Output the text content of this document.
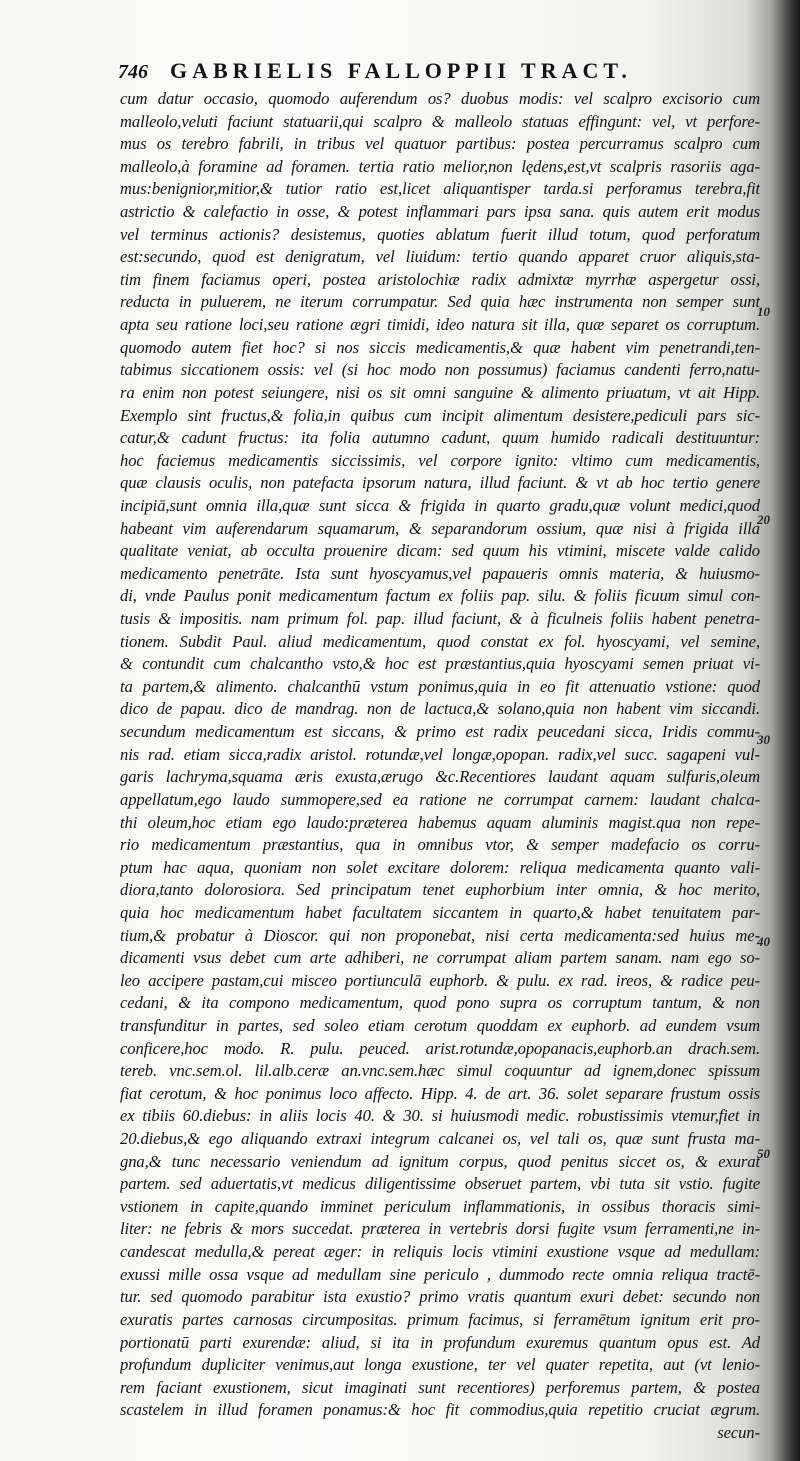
746 GABRIELIS FALLOPPII TRACT.
cum datur occasio, quomodo auferendum os? duobus modis: vel scalpro excisorio cum
malleolo,veluti faciunt statuarii,qui scalpro & malleolo statuas effingunt: vel, vt perfore-
mus os terebro fabrili, in tribus vel quatuor partibus: postea percurramus scalpro cum
malleolo,à foramine ad foramen. tertia ratio melior,non lędens,est,vt scalpris rasoriis aga-
mus:benignior,mitior,& tutior ratio est,licet aliquantisper tarda.si perforamus terebra,fit
astrictio & calefactio in osse, & potest inflammari pars ipsa sana. quis autem erit modus
vel terminus actionis? desistemus, quoties ablatum fuerit illud totum, quod perforatum
est:secundo, quod est denigratum, vel liuidum: tertio quando apparet cruor aliquis,sta-
tim finem faciamus operi, postea aristolochiæ radix admixtæ myrrhæ aspergetur ossi,
reducta in puluerem, ne iterum corrumpatur. Sed quia hæc instrumenta non semper sunt
apta seu ratione loci,seu ratione ægri timidi, ideo natura sit illa, quæ separet os corruptum.
quomodo autem fiet hoc? si nos siccis medicamentis,& quæ habent vim penetrandi,ten-
tabimus siccationem ossis: vel (si hoc modo non possumus) faciamus candenti ferro,natu-
ra enim non potest seiungere, nisi os sit omni sanguine & alimento priuatum, vt ait Hipp.
Exemplo sint fructus,& folia,in quibus cum incipit alimentum desistere,pediculi pars sic-
catur,& cadunt fructus: ita folia autumno cadunt, quum humido radicali destituuntur:
hoc faciemus medicamentis siccissimis, vel corpore ignito: vltimo cum medicamentis,
quæ clausis oculis, non patefacta ipsorum natura, illud faciunt. & vt ab hoc tertio genere
incipiā,sunt omnia illa,quæ sunt sicca & frigida in quarto gradu,quæ volunt medici,quod
habeant vim auferendarum squamarum, & separandorum ossium, quæ nisi à frigida illa
qualitate veniat, ab occulta prouenire dicam: sed quum his vtimini, miscete valde calido
medicamento penetrāte. Ista sunt hyoscyamus,vel papaueris omnis materia, & huiusmo-
di, vnde Paulus ponit medicamentum factum ex foliis pap. silu. & foliis ficuum simul con-
tusis & impositis. nam primum fol. pap. illud faciunt, & à ficulneis foliis habent penetra-
tionem. Subdit Paul. aliud medicamentum, quod constat ex fol. hyoscyami, vel semine,
& contundit cum chalcantho vsto,& hoc est præstantius,quia hyoscyami semen priuat vi-
ta partem,& alimento. chalcanthū vstum ponimus,quia in eo fit attenuatio vstione: quod
dico de papau. dico de mandrag. non de lactuca,& solano,quia non habent vim siccandi.
secundum medicamentum est siccans, & primo est radix peucedani sicca, Iridis commu-
nis rad. etiam sicca,radix aristol. rotundæ,vel longæ,opopan. radix,vel succ. sagapeni vul-
garis lachryma,squama æris exusta,ærugo &c.Recentiores laudant aquam sulfuris,oleum
appellatum,ego laudo summopere,sed ea ratione ne corrumpat carnem: laudant chalca-
thi oleum,hoc etiam ego laudo:præterea habemus aquam aluminis magist.qua non repe-
rio medicamentum præstantius, qua in omnibus vtor, & semper madefacio os corru-
ptum hac aqua, quoniam non solet excitare dolorem: reliqua medicamenta quanto vali-
diora,tanto dolorosiora. Sed principatum tenet euphorbium inter omnia, & hoc merito,
quia hoc medicamentum habet facultatem siccantem in quarto,& habet tenuitatem par-
tium,& probatur à Dioscor. qui non proponebat, nisi certa medicamenta:sed huius me-
dicamenti vsus debet cum arte adhiberi, ne corrumpat aliam partem sanam. nam ego so-
leo accipere pastam,cui misceo portiunculā euphorb. & pulu. ex rad. ireos, & radice peu-
cedani, & ita compono medicamentum, quod pono supra os corruptum tantum, & non
transfunditur in partes, sed soleo etiam cerotum quoddam ex euphorb. ad eundem vsum
conficere,hoc modo. R. pulu. peuced. arist.rotundæ,opopanacis,euphorb.an drach.sem.
tereb. vnc.sem.ol. lil.alb.ceræ an.vnc.sem.hæc simul coquuntur ad ignem,donec spissum
fiat cerotum, & hoc ponimus loco affecto. Hipp. 4. de art. 36. solet separare frustum ossis
ex tibiis 60.diebus: in aliis locis 40. & 30. si huiusmodi medic. robustissimis vtemur,fiet in
20.diebus,& ego aliquando extraxi integrum calcanei os, vel tali os, quæ sunt frusta ma-
gna,& tunc necessario veniendum ad ignitum corpus, quod penitus siccet os, & exurat
partem. sed aduertatis,vt medicus diligentissime obseruet partem, vbi tuta sit vstio. fugite
vstionem in capite,quando imminet periculum inflammationis, in ossibus thoracis simi-
liter: ne febris & mors succedat. præterea in vertebris dorsi fugite vsum ferramenti,ne in-
candescat medulla,& pereat æger: in reliquis locis vtimini exustione vsque ad medullam:
exussi mille ossa vsque ad medullam sine periculo , dummodo recte omnia reliqua tractē-
tur. sed quomodo parabitur ista exustio? primo vratis quantum exuri debet: secundo non
exuratis partes carnosas circumpositas. primum facimus, si ferramētum ignitum erit pro-
portionatū parti exurendæ: aliud, si ita in profundum exuremus quantum opus est. Ad
profundum dupliciter venimus,aut longa exustione, ter vel quater repetita, aut (vt lenio-
rem faciant exustionem, sicut imaginati sunt recentiores) perforemus partem, & postea
scastelem in illud foramen ponamus:& hoc fit commodius,quia repetitio cruciat ægrum.
secun-
10
20
30
40
50
